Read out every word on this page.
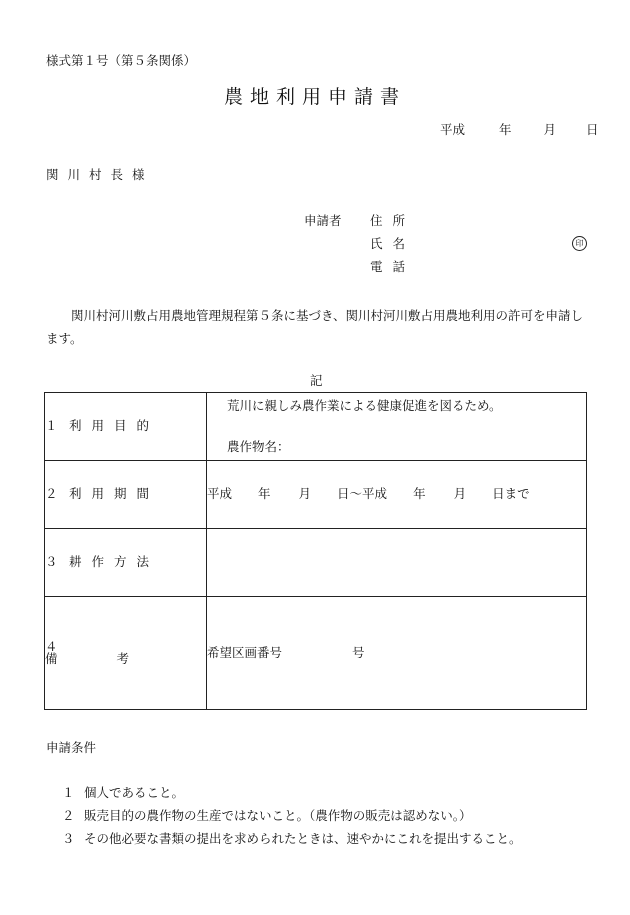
様式第１号（第５条関係）
農地利用申請書
平成	年	月 日
関川村長様
申請者 住所
氏名
電話
印
関川村河川敷占用農地管理規程第５条に基づき、関川村河川敷占用農地利用の許可を申請します。
記
１ 利用目的	荒川に親しみ農作業による健康促進を図るため。
農作物名：

２ 利用期間	平成 年 月 日～平成 年 月 日まで
３ 耕作方法	
４備考	希望区画番号 号
申請条件
１ 個人であること。
２ 販売目的の農作物の生産ではないこと。（農作物の販売は認めない。）
３ その他必要な書類の提出を求められたときは、速やかにこれを提出すること。
